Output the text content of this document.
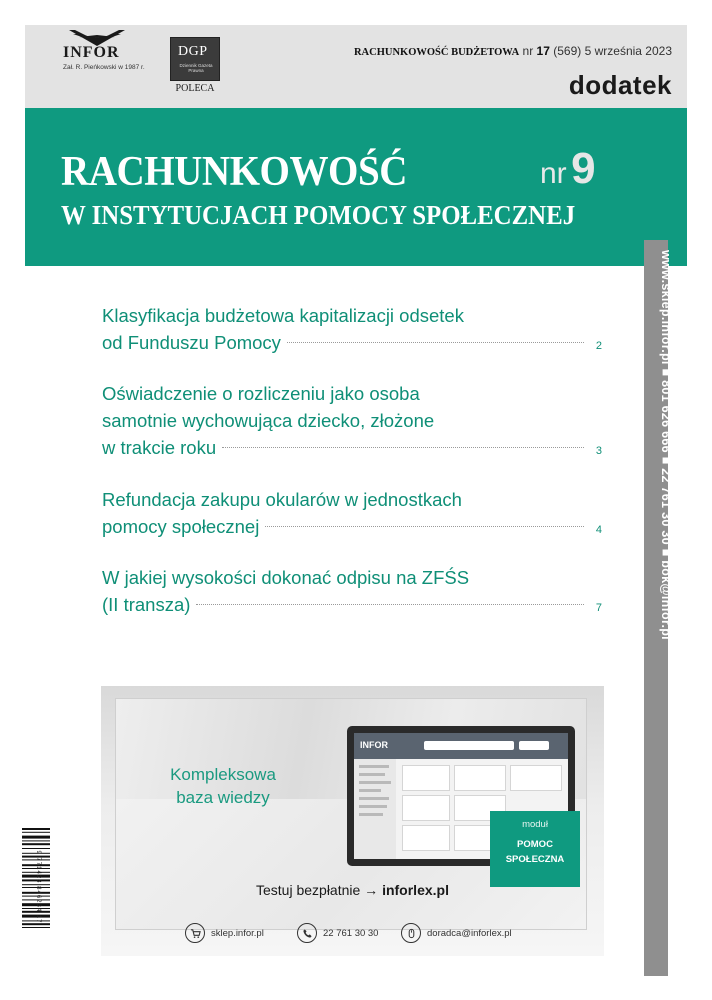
INFOR
Zał. R. Pieńkowski w 1987 r.
DGP
Dziennik Gazeta Prawna
POLECA
RACHUNKOWOŚĆ BUDŻETOWA nr 17 (569) 5 września 2023
dodatek
RACHUNKOWOŚĆ	nr 9
W INSTYTUCJACH POMOCY SPOŁECZNEJ
www.sklep.infor.pl ■ 801 626 666 ■ 22 761 30 30 ■ bok@infor.pl
Klasyfikacja budżetowa kapitalizacji odsetek
od Funduszu Pomocy	2
Oświadczenie o rozliczeniu jako osoba
samotnie wychowująca dziecko, złożone
w trakcie roku	3
Refundacja zakupu okularów w jednostkach
pomocy społecznej	4
W jakiej wysokości dokonać odpisu na ZFŚS
(II transza)	7
Kompleksowa
baza wiedzy
INFOR
moduł
POMOC
SPOŁECZNA
Testuj bezpłatnie → inforlex.pl
sklep.infor.pl	22 761 30 30	doradca@inforlex.pl
9 771428 846234 17
